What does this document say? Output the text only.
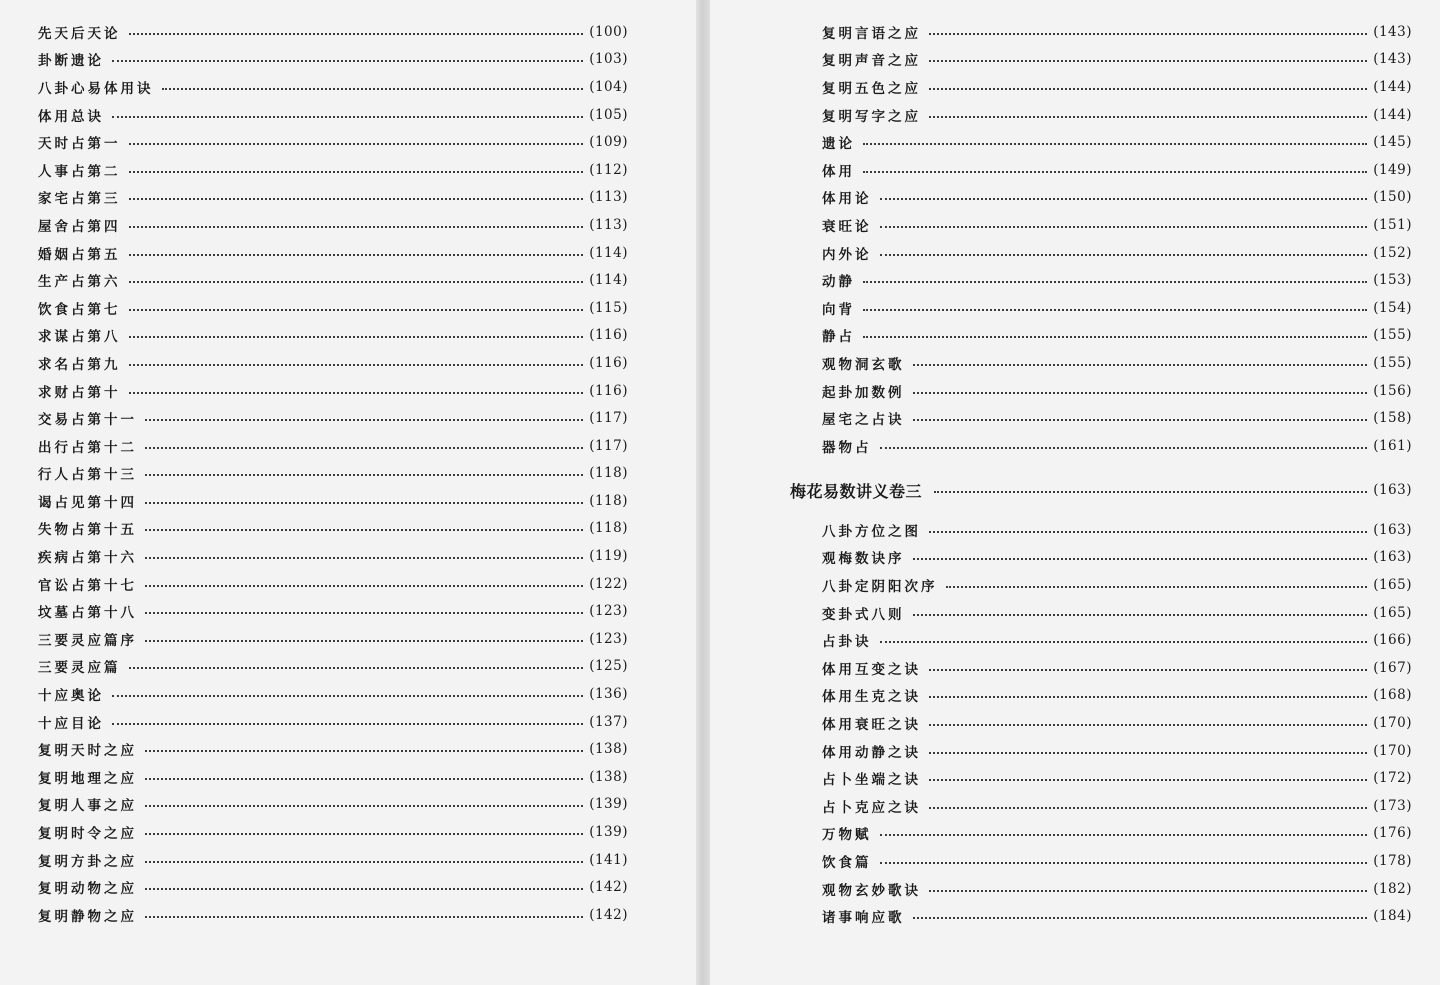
先天后天论	(100)
卦断遗论	(103)
八卦心易体用诀	(104)
体用总诀	(105)
天时占第一	(109)
人事占第二	(112)
家宅占第三	(113)
屋舍占第四	(113)
婚姻占第五	(114)
生产占第六	(114)
饮食占第七	(115)
求谋占第八	(116)
求名占第九	(116)
求财占第十	(116)
交易占第十一	(117)
出行占第十二	(117)
行人占第十三	(118)
谒占见第十四	(118)
失物占第十五	(118)
疾病占第十六	(119)
官讼占第十七	(122)
坟墓占第十八	(123)
三要灵应篇序	(123)
三要灵应篇	(125)
十应奥论	(136)
十应目论	(137)
复明天时之应	(138)
复明地理之应	(138)
复明人事之应	(139)
复明时令之应	(139)
复明方卦之应	(141)
复明动物之应	(142)
复明静物之应	(142)
复明言语之应	(143)
复明声音之应	(143)
复明五色之应	(144)
复明写字之应	(144)
遗论	(145)
体用	(149)
体用论	(150)
衰旺论	(151)
内外论	(152)
动静	(153)
向背	(154)
静占	(155)
观物洞玄歌	(155)
起卦加数例	(156)
屋宅之占诀	(158)
器物占	(161)
梅花易数讲义卷三	(163)
八卦方位之图	(163)
观梅数诀序	(163)
八卦定阴阳次序	(165)
变卦式八则	(165)
占卦诀	(166)
体用互变之诀	(167)
体用生克之诀	(168)
体用衰旺之诀	(170)
体用动静之诀	(170)
占卜坐端之诀	(172)
占卜克应之诀	(173)
万物赋	(176)
饮食篇	(178)
观物玄妙歌诀	(182)
诸事响应歌	(184)
